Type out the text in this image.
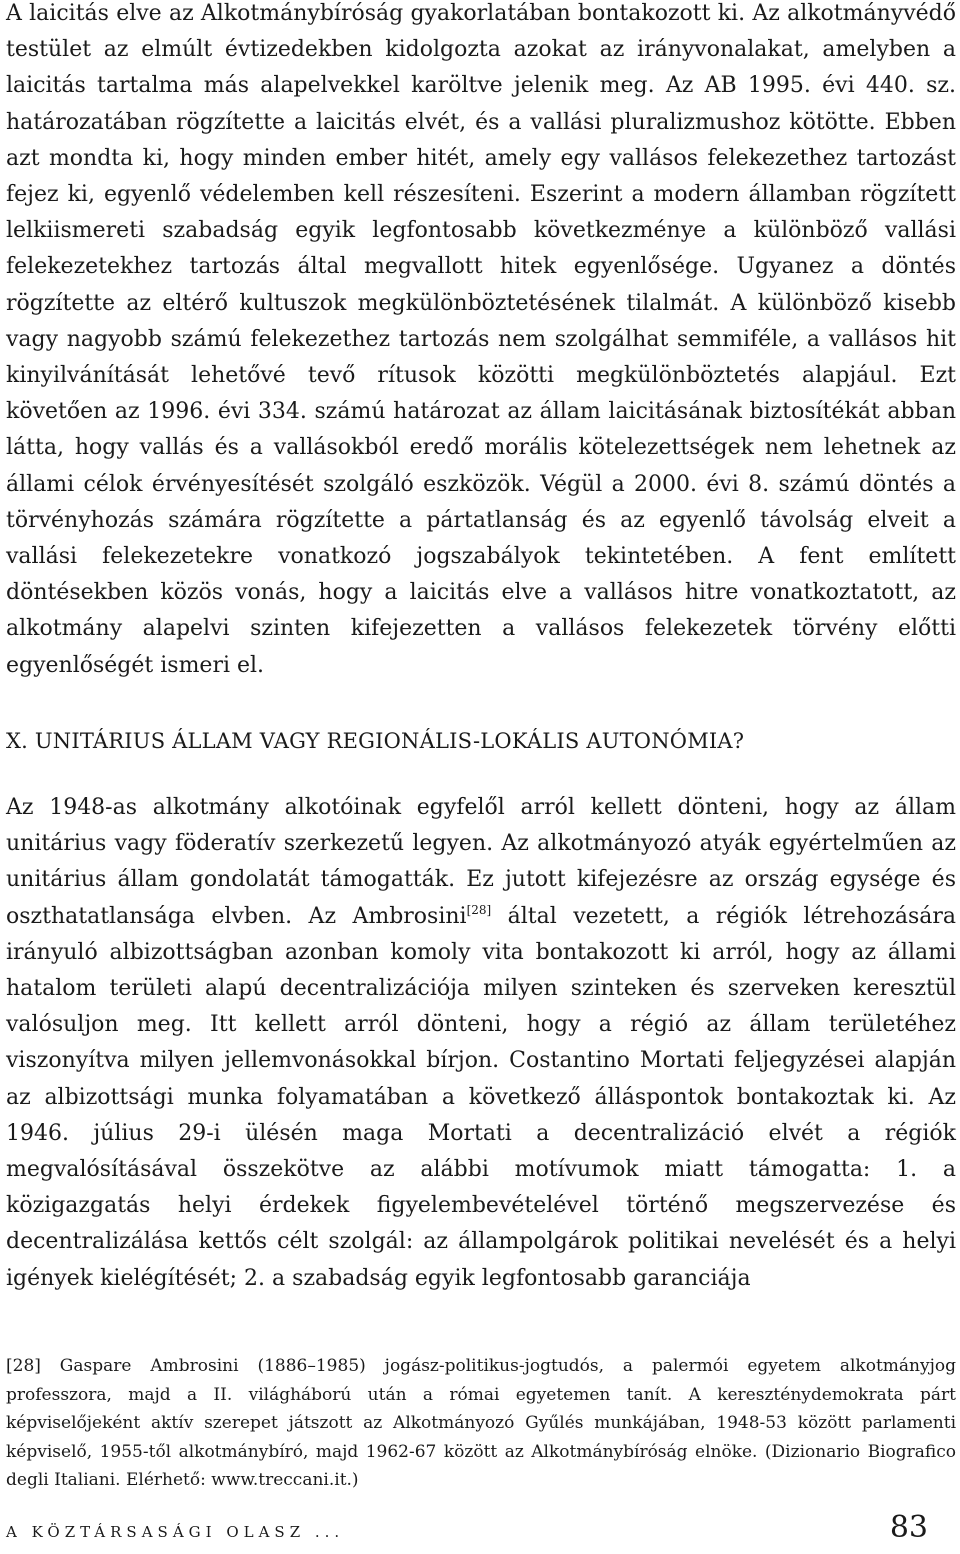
A laicitás elve az Alkotmánybíróság gyakorlatában bontakozott ki. Az alkotmányvédő testület az elmúlt évtizedekben kidolgozta azokat az irányvonalakat, amelyben a laicitás tartalma más alapelvekkel karöltve jelenik meg. Az AB 1995. évi 440. sz. határozatában rögzítette a laicitás elvét, és a vallási pluralizmushoz kötötte. Ebben azt mondta ki, hogy minden ember hitét, amely egy vallásos felekezethez tartozást fejez ki, egyenlő védelemben kell részesíteni. Eszerint a modern államban rögzített lelkiismereti szabadság egyik legfontosabb következménye a különböző vallási felekezetekhez tartozás által megvallott hitek egyenlősége. Ugyanez a döntés rögzítette az eltérő kultuszok megkülönböztetésének tilalmát. A különböző kisebb vagy nagyobb számú felekezethez tartozás nem szolgálhat semmiféle, a vallásos hit kinyilvánítását lehetővé tevő rítusok közötti megkülönböztetés alapjául. Ezt követően az 1996. évi 334. számú határozat az állam laicitásának biztosítékát abban látta, hogy vallás és a vallásokból eredő morális kötelezettségek nem lehetnek az állami célok érvényesítését szolgáló eszközök. Végül a 2000. évi 8. számú döntés a törvényhozás számára rögzítette a pártatlanság és az egyenlő távolság elveit a vallási felekezetekre vonatkozó jogszabályok tekintetében. A fent említett döntésekben közös vonás, hogy a laicitás elve a vallásos hitre vonatkoztatott, az alkotmány alapelvi szinten kifejezetten a vallásos felekezetek törvény előtti egyenlőségét ismeri el.

X. UNITÁRIUS ÁLLAM VAGY REGIONÁLIS-LOKÁLIS AUTONÓMIA?

Az 1948-as alkotmány alkotóinak egyfelől arról kellett dönteni, hogy az állam unitárius vagy föderatív szerkezetű legyen. Az alkotmányozó atyák egyértelműen az unitárius állam gondolatát támogatták. Ez jutott kifejezésre az ország egysége és oszthatatlansága elvben. Az Ambrosini[28] által vezetett, a régiók létrehozására irányuló albizottságban azonban komoly vita bontakozott ki arról, hogy az állami hatalom területi alapú decentralizációja milyen szinteken és szerveken keresztül valósuljon meg. Itt kellett arról dönteni, hogy a régió az állam területéhez viszonyítva milyen jellemvonásokkal bírjon. Costantino Mortati feljegyzései alapján az albizottsági munka folyamatában a következő álláspontok bontakoztak ki. Az 1946. július 29-i ülésén maga Mortati a decentralizáció elvét a régiók megvalósításával összekötve az alábbi motívumok miatt támogatta: 1. a közigazgatás helyi érdekek figyelembevételével történő megszervezése és decentralizálása kettős célt szolgál: az állampolgárok politikai nevelését és a helyi igények kielégítését; 2. a szabadság egyik legfontosabb garanciája

[28] Gaspare Ambrosini (1886–1985) jogász-politikus-jogtudós, a palermói egyetem alkotmányjog professzora, majd a II. világháború után a római egyetemen tanít. A kereszténydemokrata párt képviselőjeként aktív szerepet játszott az Alkotmányozó Gyűlés munkájában, 1948-53 között parlamenti képviselő, 1955-től alkotmánybíró, majd 1962-67 között az Alkotmánybíróság elnöke. (Dizionario Biografico degli Italiani. Elérhető: www.treccani.it.)

A KÖZTÁRSASÁGI OLASZ ...	83
